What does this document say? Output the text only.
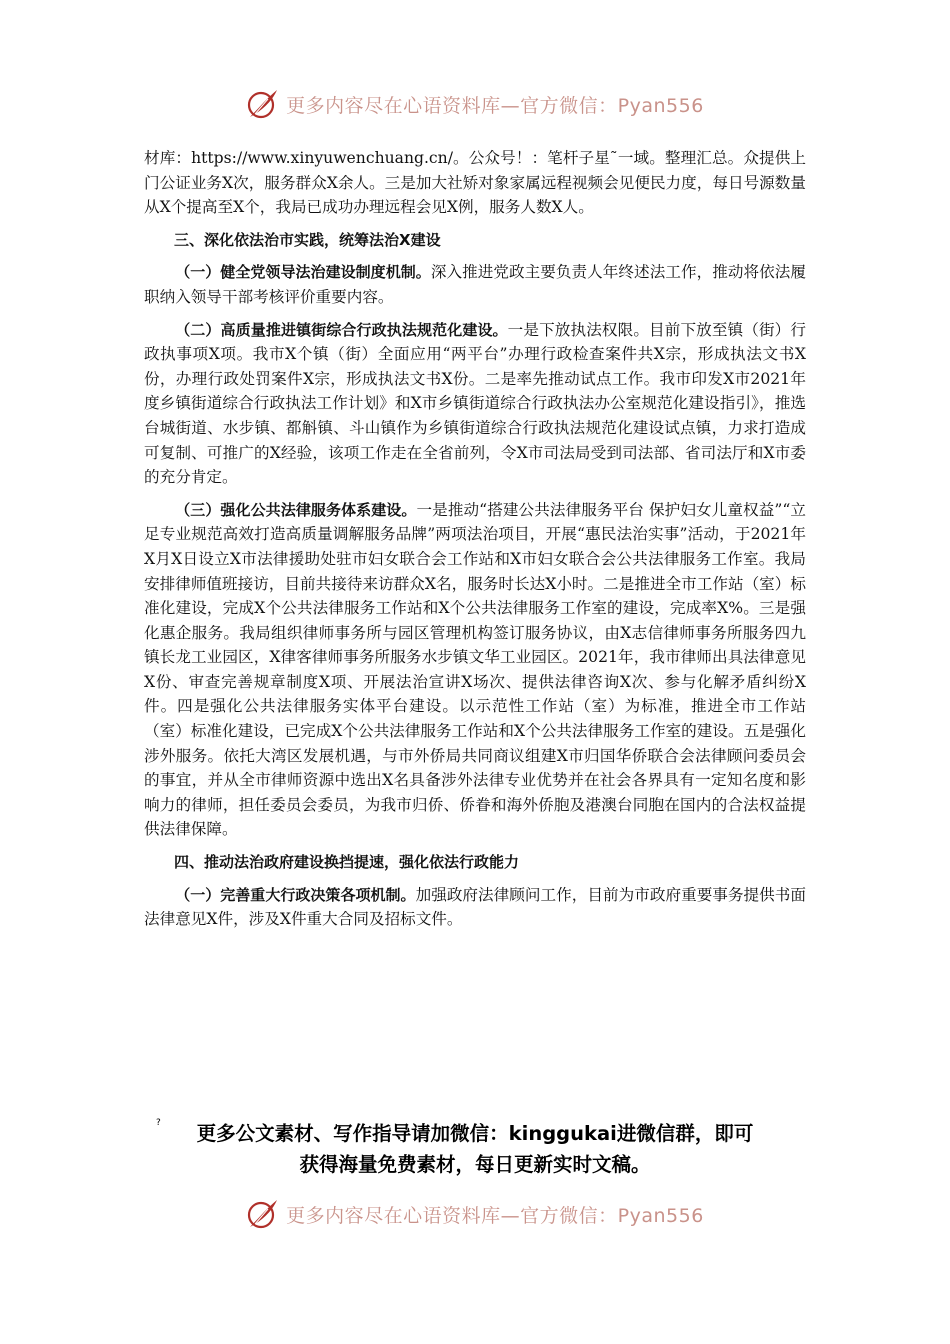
更多内容尽在心语资料库—官方微信：Pyan556

材库：https://www.xinyuwenchuang.cn/。公众号！：笔杆子星˜一域。整理汇总。众提供上门公证业务X次，服务群众X余人。三是加大社矫对象家属远程视频会见便民力度，每日号源数量从X个提高至X个，我局已成功办理远程会见X例，服务人数X人。

三、深化依法治市实践，统筹法治X建设

（一）健全党领导法治建设制度机制。深入推进党政主要负责人年终述法工作，推动将依法履职纳入领导干部考核评价重要内容。

（二）高质量推进镇街综合行政执法规范化建设。一是下放执法权限。目前下放至镇（街）行政执事项X项。我市X个镇（街）全面应用“两平台”办理行政检查案件共X宗，形成执法文书X份，办理行政处罚案件X宗，形成执法文书X份。二是率先推动试点工作。我市印发X市2021年度乡镇街道综合行政执法工作计划》和X市乡镇街道综合行政执法办公室规范化建设指引》，推选台城街道、水步镇、都斛镇、斗山镇作为乡镇街道综合行政执法规范化建设试点镇，力求打造成可复制、可推广的X经验，该项工作走在全省前列，令X市司法局受到司法部、省司法厅和X市委的充分肯定。

（三）强化公共法律服务体系建设。一是推动“搭建公共法律服务平台 保护妇女儿童权益”“立足专业规范高效打造高质量调解服务品牌”两项法治项目，开展“惠民法治实事”活动，于2021年X月X日设立X市法律援助处驻市妇女联合会工作站和X市妇女联合会公共法律服务工作室。我局安排律师值班接访，目前共接待来访群众X名，服务时长达X小时。二是推进全市工作站（室）标准化建设，完成X个公共法律服务工作站和X个公共法律服务工作室的建设，完成率X%。三是强化惠企服务。我局组织律师事务所与园区管理机构签订服务协议，由X志信律师事务所服务四九镇长龙工业园区，X律客律师事务所服务水步镇文华工业园区。2021年，我市律师出具法律意见X份、审查完善规章制度X项、开展法治宣讲X场次、提供法律咨询X次、参与化解矛盾纠纷X件。四是强化公共法律服务实体平台建设。以示范性工作站（室）为标准，推进全市工作站（室）标准化建设，已完成X个公共法律服务工作站和X个公共法律服务工作室的建设。五是强化涉外服务。依托大湾区发展机遇，与市外侨局共同商议组建X市归国华侨联合会法律顾问委员会的事宜，并从全市律师资源中选出X名具备涉外法律专业优势并在社会各界具有一定知名度和影响力的律师，担任委员会委员，为我市归侨、侨眷和海外侨胞及港澳台同胞在国内的合法权益提供法律保障。

四、推动法治政府建设换挡提速，强化依法行政能力

（一）完善重大行政决策各项机制。加强政府法律顾问工作，目前为市政府重要事务提供书面法律意见X件，涉及X件重大合同及招标文件。

?	更多公文素材、写作指导请加微信：kinggukai进微信群，即可
获得海量免费素材，每日更新实时文稿。
更多内容尽在心语资料库—官方微信：Pyan556
